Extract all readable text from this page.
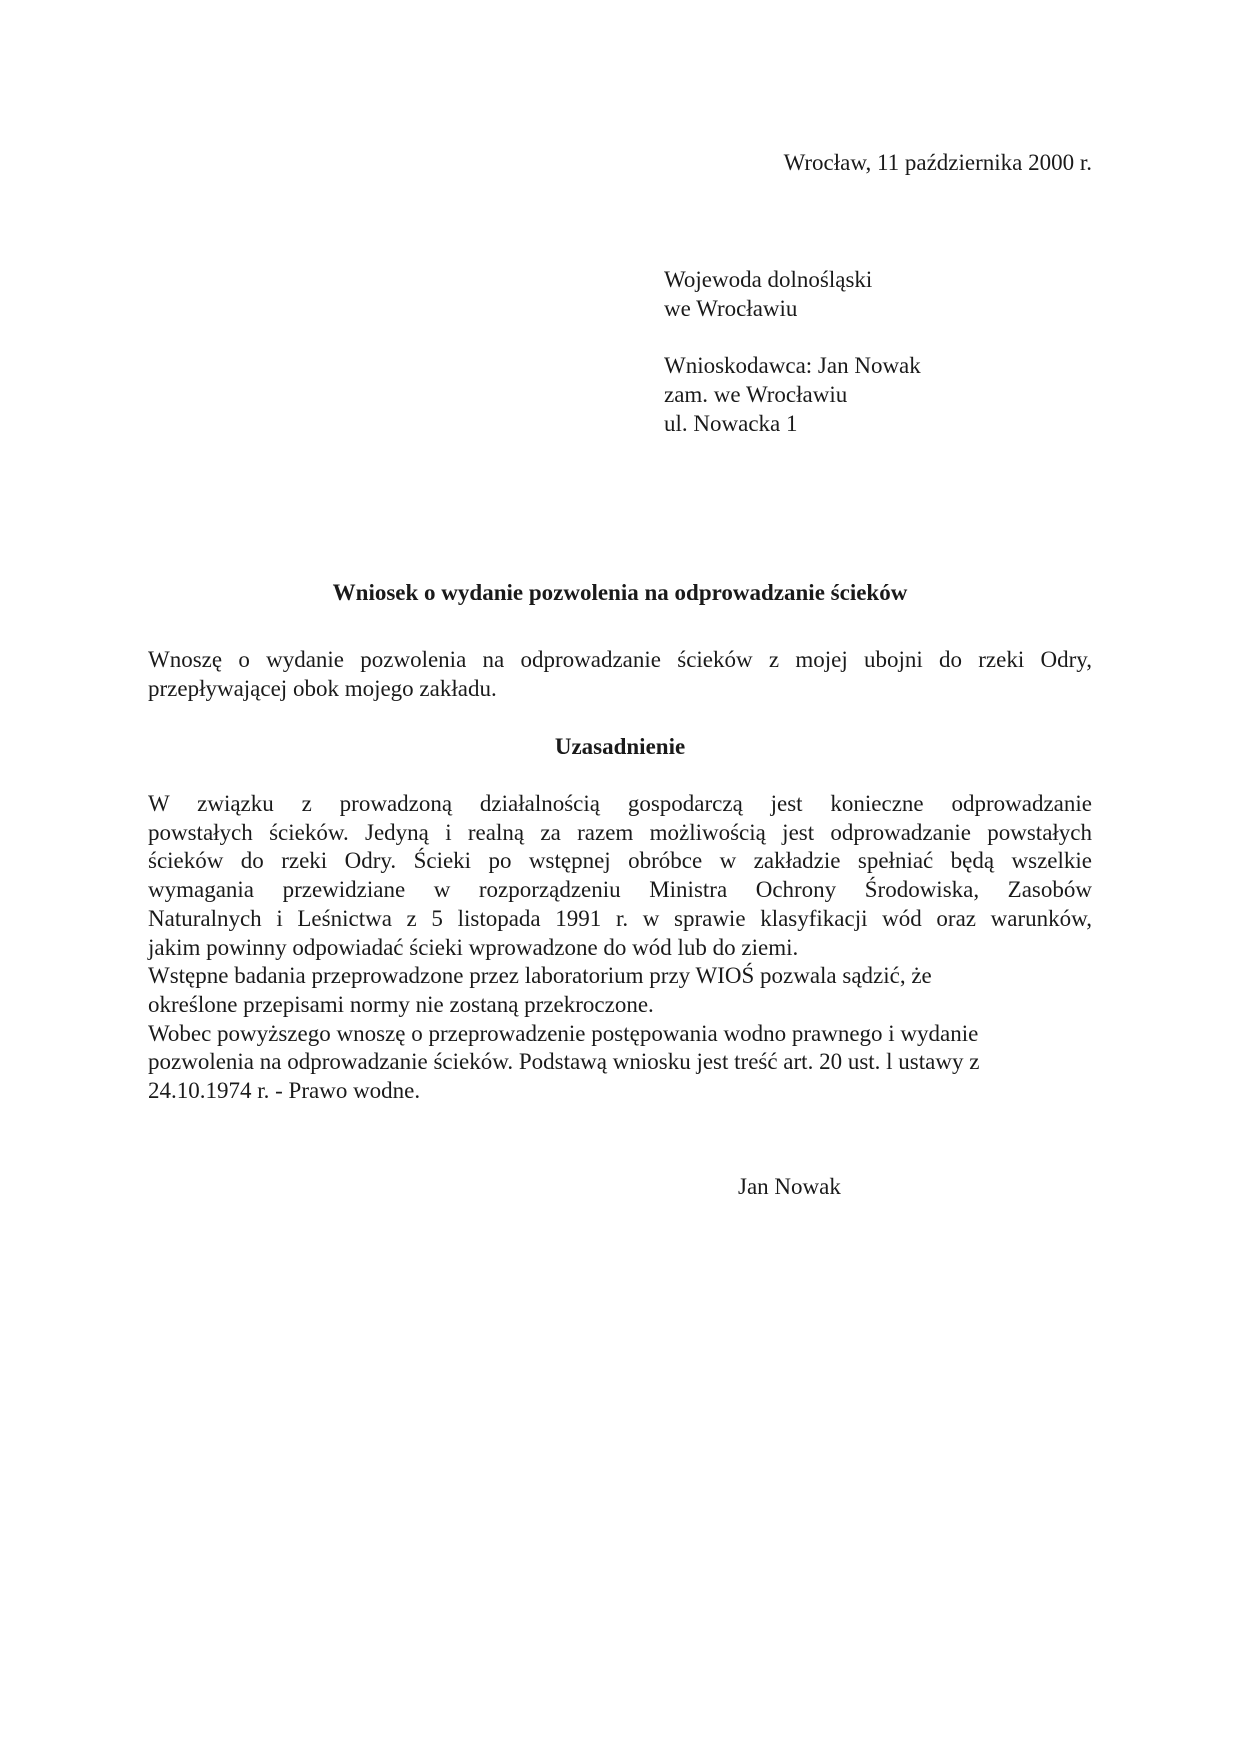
Wrocław, 11 października 2000 r.
Wojewoda dolnośląski
we Wrocławiu
Wnioskodawca: Jan Nowak
zam. we Wrocławiu
ul. Nowacka 1
Wniosek o wydanie pozwolenia na odprowadzanie ścieków
Wnoszę o wydanie pozwolenia na odprowadzanie ścieków z mojej ubojni do rzeki Odry,
przepływającej obok mojego zakładu.
Uzasadnienie
W związku z prowadzoną działalnością gospodarczą jest konieczne odprowadzanie
powstałych ścieków. Jedyną i realną za razem możliwością jest odprowadzanie powstałych
ścieków do rzeki Odry. Ścieki po wstępnej obróbce w zakładzie spełniać będą wszelkie
wymagania przewidziane w rozporządzeniu Ministra Ochrony Środowiska, Zasobów
Naturalnych i Leśnictwa z 5 listopada 1991 r. w sprawie klasyfikacji wód oraz warunków,
jakim powinny odpowiadać ścieki wprowadzone do wód lub do ziemi.
Wstępne badania przeprowadzone przez laboratorium przy WIOŚ pozwala sądzić, że
określone przepisami normy nie zostaną przekroczone.
Wobec powyższego wnoszę o przeprowadzenie postępowania wodno prawnego i wydanie
pozwolenia na odprowadzanie ścieków. Podstawą wniosku jest treść art. 20 ust. l ustawy z
24.10.1974 r. - Prawo wodne.
Jan Nowak
